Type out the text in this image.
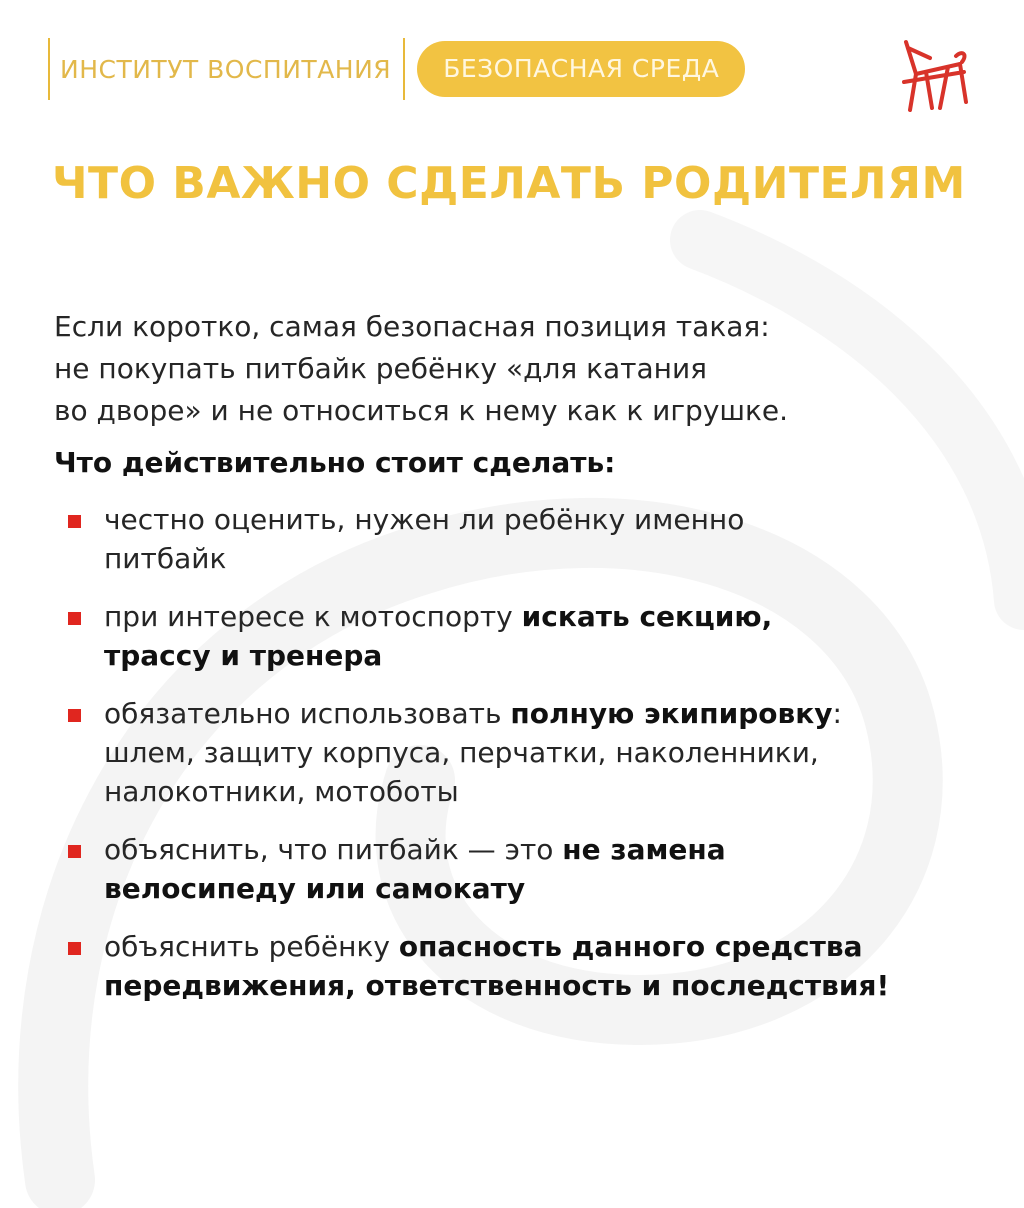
ИНСТИТУТ ВОСПИТАНИЯ	БЕЗОПАСНАЯ СРЕДА
ЧТО ВАЖНО СДЕЛАТЬ РОДИТЕЛЯМ
Если коротко, самая безопасная позиция такая:
не покупать питбайк ребёнку «для катания
во дворе» и не относиться к нему как к игрушке.
Что действительно стоит сделать:
честно оценить, нужен ли ребёнку именно
питбайк
при интересе к мотоспорту искать секцию,
трассу и тренера
обязательно использовать полную экипировку:
шлем, защиту корпуса, перчатки, наколенники,
налокотники, мотоботы
объяснить, что питбайк — это не замена
велосипеду или самокату
объяснить ребёнку опасность данного средства
передвижения, ответственность и последствия!
